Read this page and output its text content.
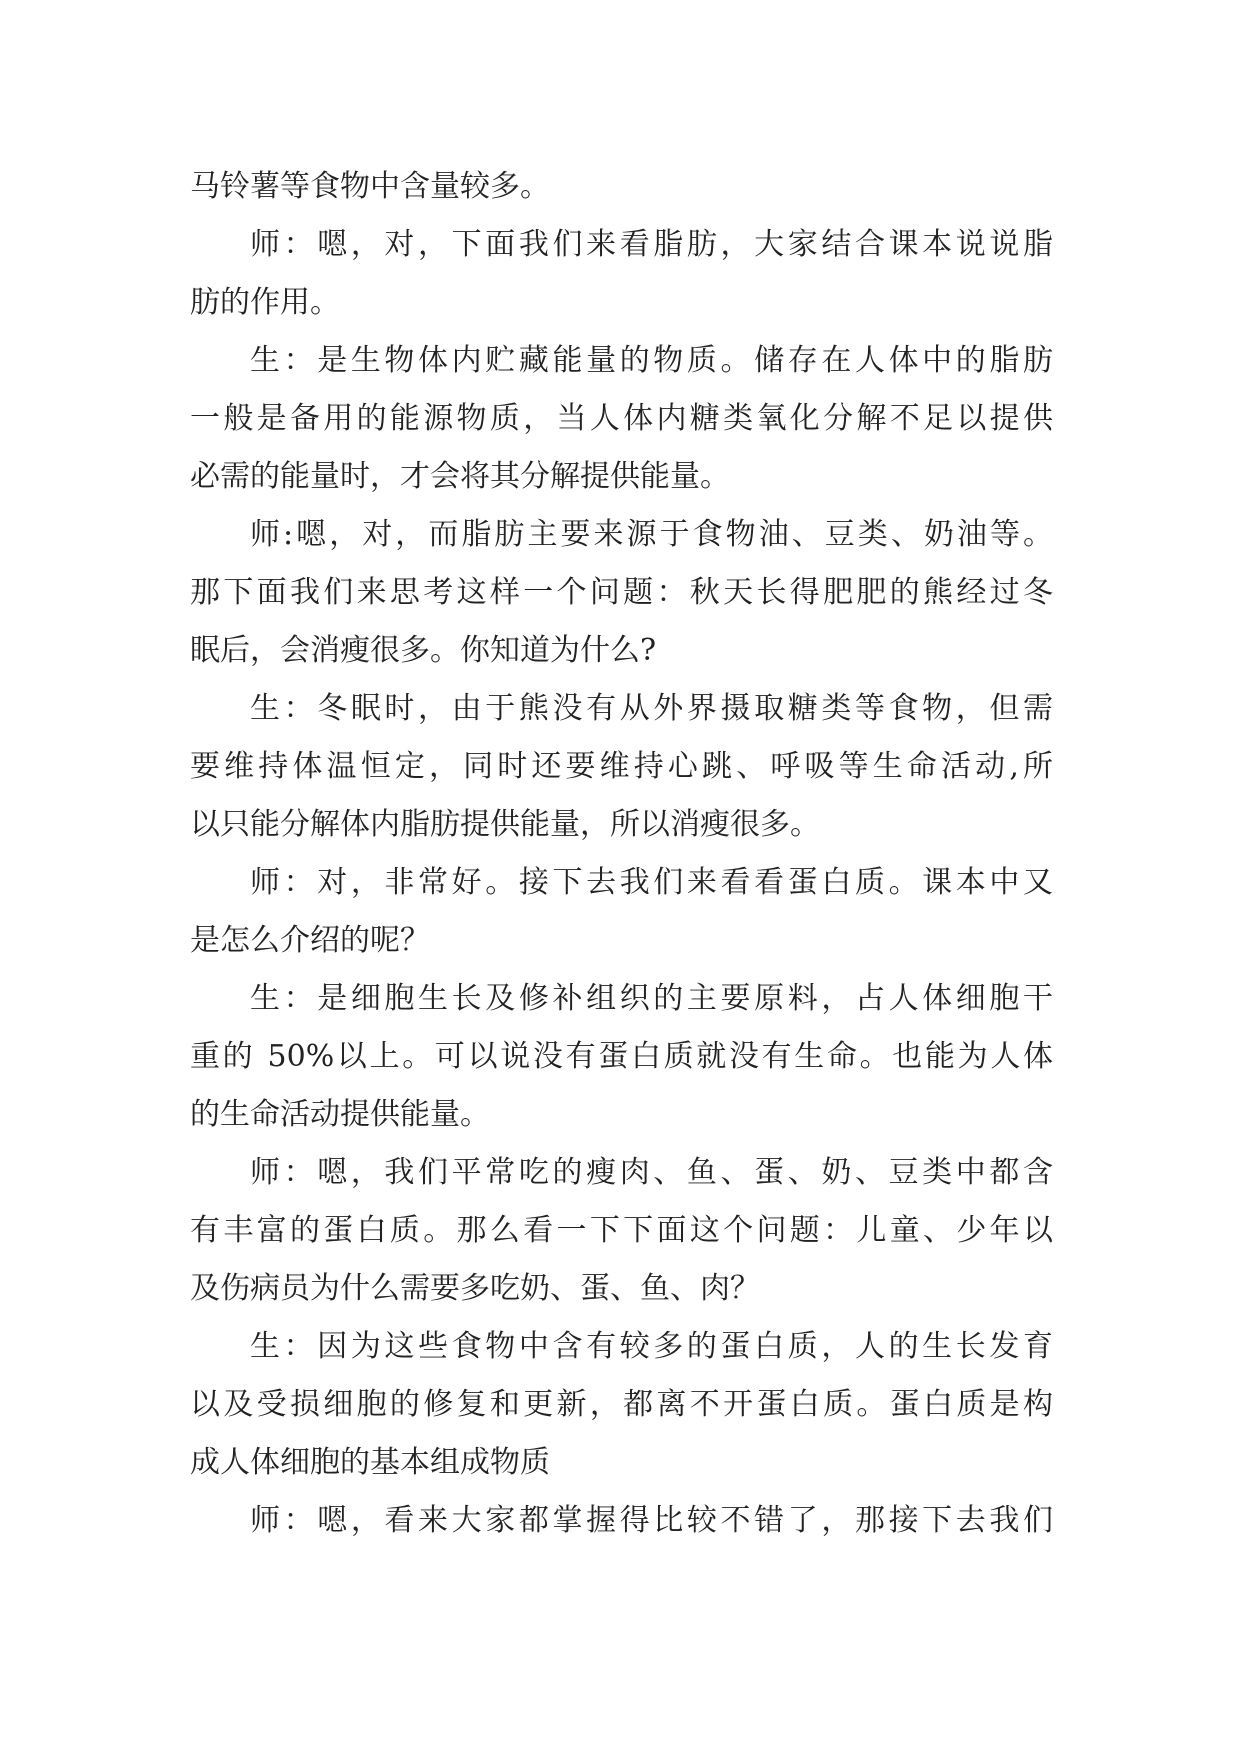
马铃薯等食物中含量较多。
师：嗯，对，下面我们来看脂肪，大家结合课本说说脂
肪的作用。
生：是生物体内贮藏能量的物质。储存在人体中的脂肪
一般是备用的能源物质，当人体内糖类氧化分解不足以提供
必需的能量时，才会将其分解提供能量。
师:嗯，对，而脂肪主要来源于食物油、豆类、奶油等。
那下面我们来思考这样一个问题：秋天长得肥肥的熊经过冬
眠后，会消瘦很多。你知道为什么?
生：冬眠时，由于熊没有从外界摄取糖类等食物，但需
要维持体温恒定，同时还要维持心跳、呼吸等生命活动,所
以只能分解体内脂肪提供能量，所以消瘦很多。
师：对，非常好。接下去我们来看看蛋白质。课本中又
是怎么介绍的呢？
生：是细胞生长及修补组织的主要原料，占人体细胞干
重的 50%以上。可以说没有蛋白质就没有生命。也能为人体
的生命活动提供能量。
师：嗯，我们平常吃的瘦肉、鱼、蛋、奶、豆类中都含
有丰富的蛋白质。那么看一下下面这个问题：儿童、少年以
及伤病员为什么需要多吃奶、蛋、鱼、肉？
生：因为这些食物中含有较多的蛋白质，人的生长发育
以及受损细胞的修复和更新，都离不开蛋白质。蛋白质是构
成人体细胞的基本组成物质
师：嗯，看来大家都掌握得比较不错了，那接下去我们
